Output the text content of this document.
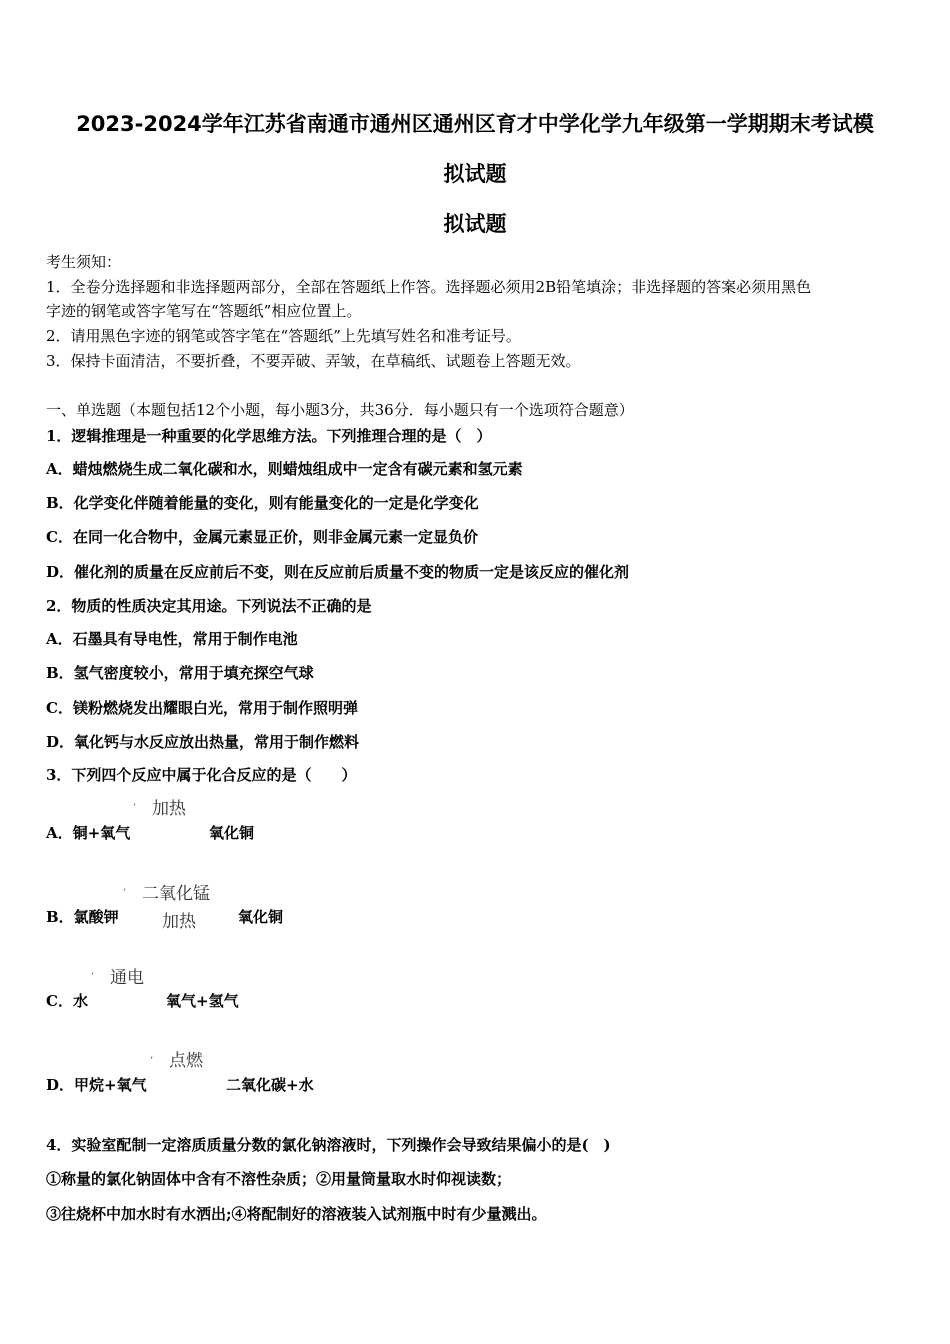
2023-2024学年江苏省南通市通州区通州区育才中学化学九年级第一学期期末考试模
拟试题
拟试题
考生须知：
1．全卷分选择题和非选择题两部分，全部在答题纸上作答。选择题必须用2B铅笔填涂；非选择题的答案必须用黑色
字迹的钢笔或答字笔写在“答题纸”相应位置上。
2．请用黑色字迹的钢笔或答字笔在“答题纸”上先填写姓名和准考证号。
3．保持卡面清洁，不要折叠，不要弄破、弄皱，在草稿纸、试题卷上答题无效。
一、单选题（本题包括12个小题，每小题3分，共36分．每小题只有一个选项符合题意）
1．逻辑推理是一种重要的化学思维方法。下列推理合理的是（　）
A．蜡烛燃烧生成二氧化碳和水，则蜡烛组成中一定含有碳元素和氢元素
B．化学变化伴随着能量的变化，则有能量变化的一定是化学变化
C．在同一化合物中，金属元素显正价，则非金属元素一定显负价
D．催化剂的质量在反应前后不变，则在反应前后质量不变的物质一定是该反应的催化剂
2．物质的性质决定其用途。下列说法不正确的是
A．石墨具有导电性，常用于制作电池
B．氢气密度较小，常用于填充探空气球
C．镁粉燃烧发出耀眼白光，常用于制作照明弹
D．氧化钙与水反应放出热量，常用于制作燃料
3．下列四个反应中属于化合反应的是（　　）
‘ 加热
A．铜+氧气	氧化铜
‘ 二氧化锰
B．氯酸钾	加热	氧化铜
‘ 通电
C．水	氧气+氢气
‘ 点燃
D．甲烷+氧气	二氧化碳+水
4．实验室配制一定溶质质量分数的氯化钠溶液时，下列操作会导致结果偏小的是(　)
①称量的氯化钠固体中含有不溶性杂质；②用量筒量取水时仰视读数；
③往烧杯中加水时有水洒出;④将配制好的溶液装入试剂瓶中时有少量溅出。
